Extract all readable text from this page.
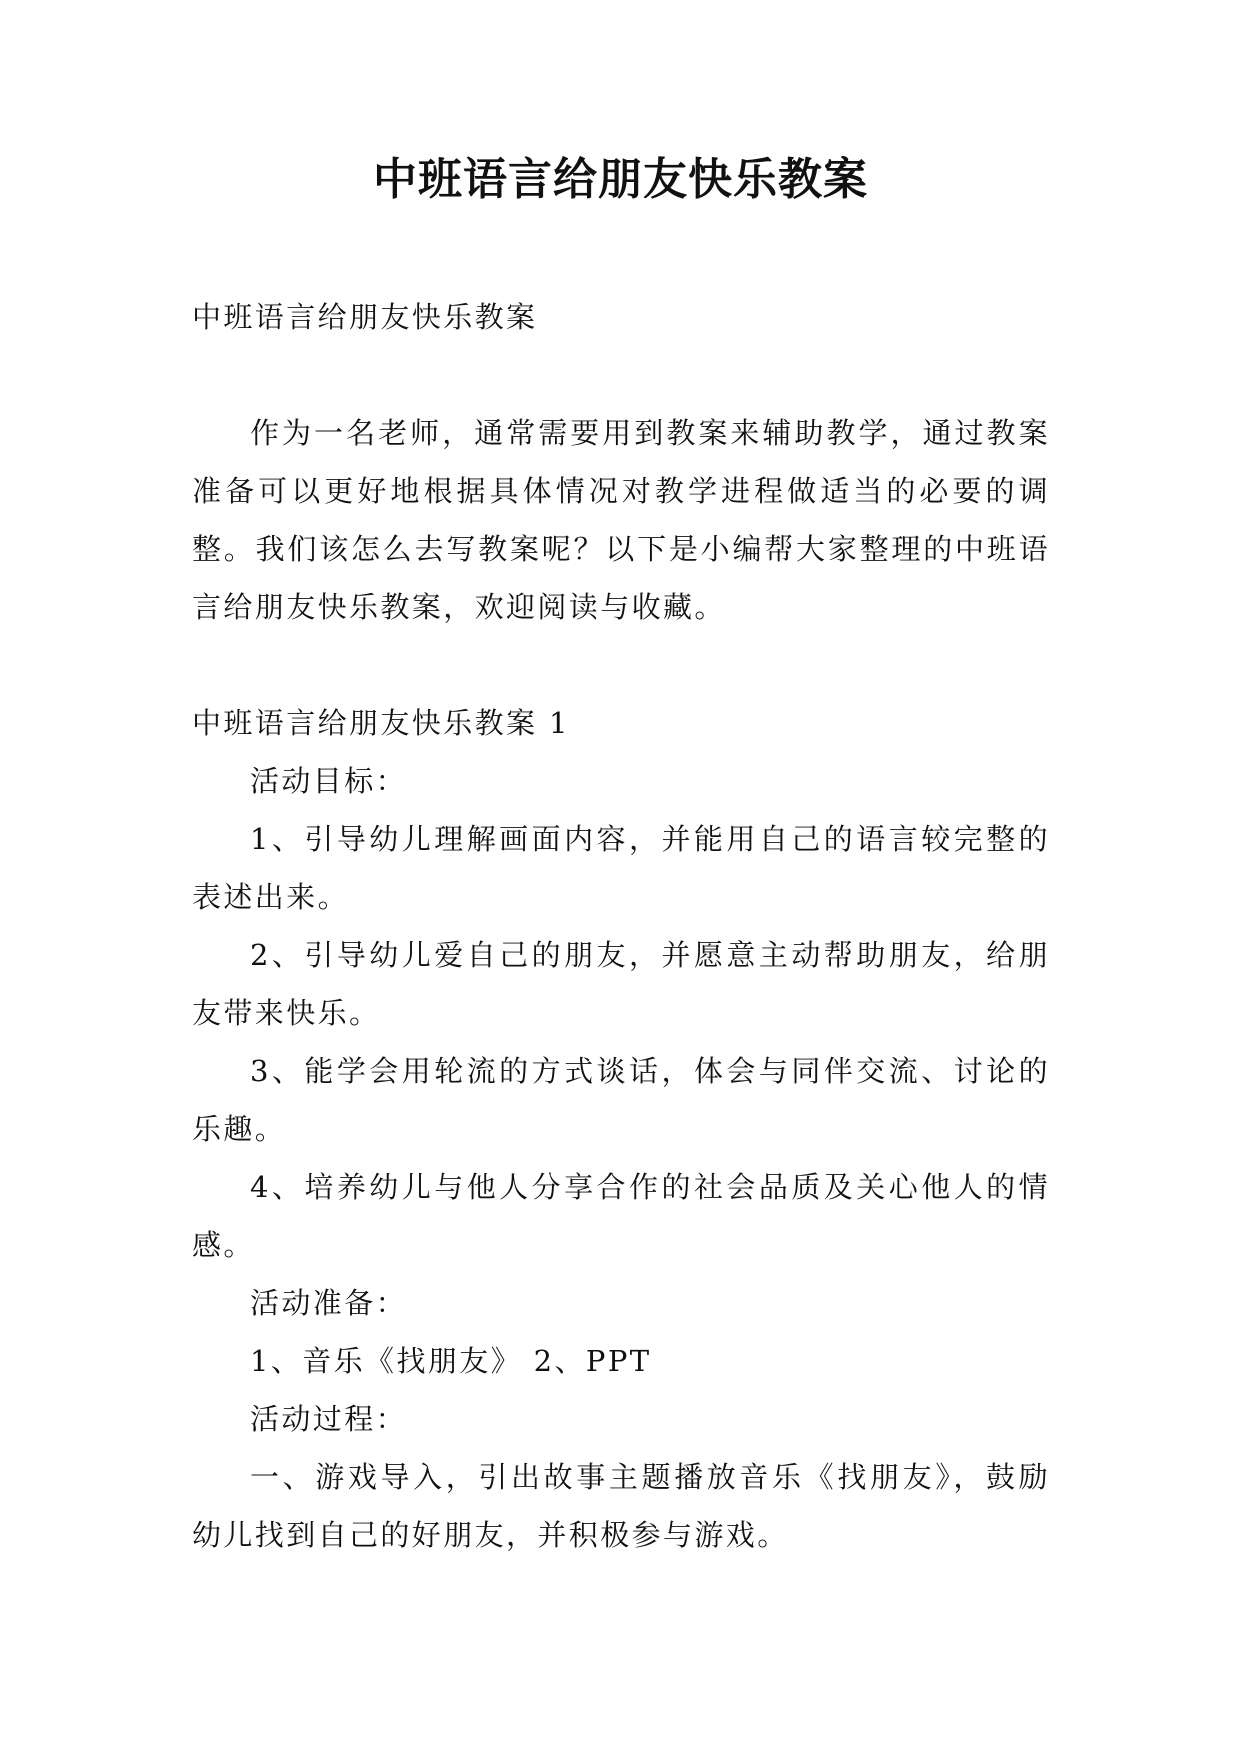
中班语言给朋友快乐教案

中班语言给朋友快乐教案

作为一名老师，通常需要用到教案来辅助教学，通过教案准备可以更好地根据具体情况对教学进程做适当的必要的调整。我们该怎么去写教案呢？以下是小编帮大家整理的中班语言给朋友快乐教案，欢迎阅读与收藏。

中班语言给朋友快乐教案 1

活动目标：

1、引导幼儿理解画面内容，并能用自己的语言较完整的表述出来。

2、引导幼儿爱自己的朋友，并愿意主动帮助朋友，给朋友带来快乐。

3、能学会用轮流的方式谈话，体会与同伴交流、讨论的乐趣。

4、培养幼儿与他人分享合作的社会品质及关心他人的情感。

活动准备：

1、音乐《找朋友》 2、PPT

活动过程：

一、游戏导入，引出故事主题播放音乐《找朋友》，鼓励幼儿找到自己的好朋友，并积极参与游戏。
